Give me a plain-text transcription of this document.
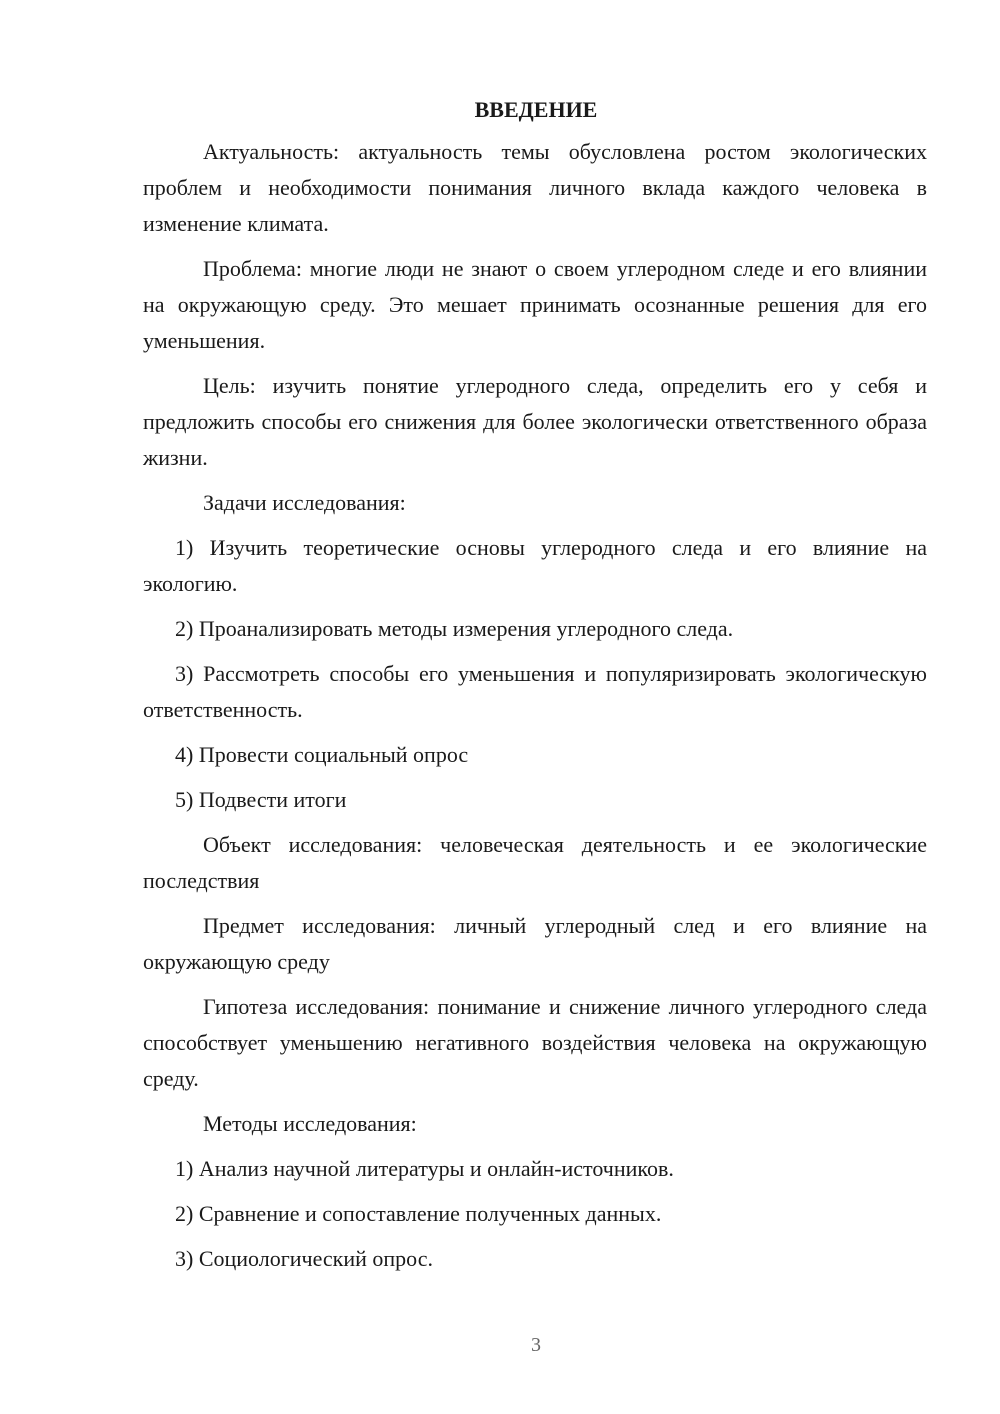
ВВЕДЕНИЕ

Актуальность: актуальность темы обусловлена ростом экологических проблем и необходимости понимания личного вклада каждого человека в изменение климата.

Проблема: многие люди не знают о своем углеродном следе и его влиянии на окружающую среду. Это мешает принимать осознанные решения для его уменьшения.

Цель: изучить понятие углеродного следа, определить его у себя и предложить способы его снижения для более экологически ответственного образа жизни.

Задачи исследования:

1) Изучить теоретические основы углеродного следа и его влияние на экологию.

2) Проанализировать методы измерения углеродного следа.

3) Рассмотреть способы его уменьшения и популяризировать экологическую ответственность.

4) Провести социальный опрос

5) Подвести итоги

Объект исследования: человеческая деятельность и ее экологические последствия

Предмет исследования: личный углеродный след и его влияние на окружающую среду

Гипотеза исследования: понимание и снижение личного углеродного следа способствует уменьшению негативного воздействия человека на окружающую среду.

Методы исследования:

1) Анализ научной литературы и онлайн-источников.

2) Сравнение и сопоставление полученных данных.

3) Социологический опрос.

3
